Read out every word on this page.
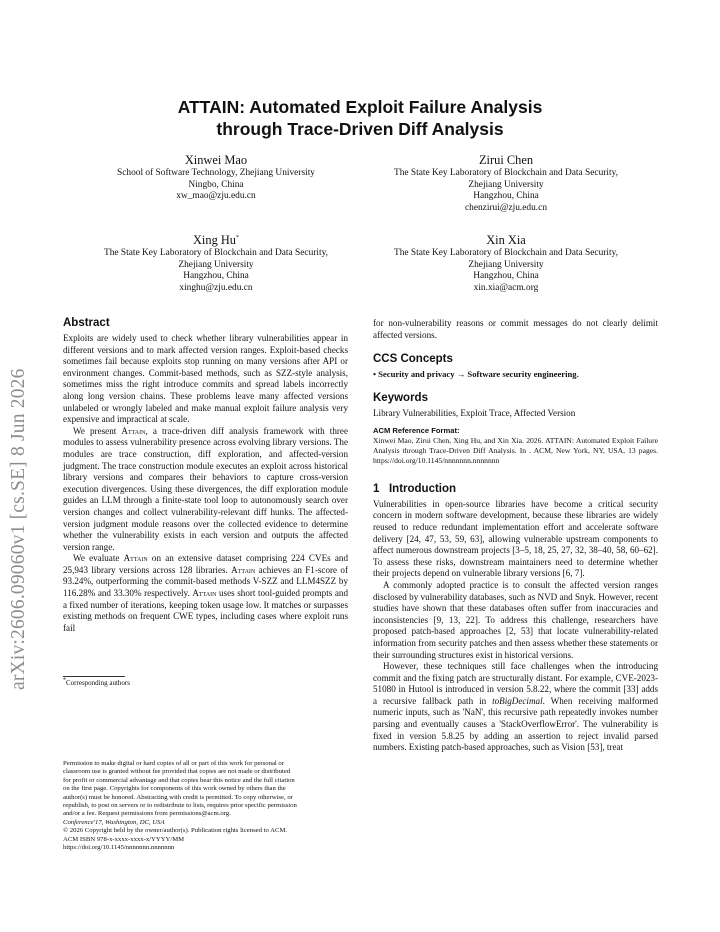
arXiv:2606.09060v1 [cs.SE] 8 Jun 2026
ATTAIN: Automated Exploit Failure Analysis
through Trace-Driven Diff Analysis
Xinwei Mao
School of Software Technology, Zhejiang University
Ningbo, China
xw_mao@zju.edu.cn
Zirui Chen
The State Key Laboratory of Blockchain and Data Security,
Zhejiang University
Hangzhou, China
chenzirui@zju.edu.cn
Xing Hu*
The State Key Laboratory of Blockchain and Data Security,
Zhejiang University
Hangzhou, China
xinghu@zju.edu.cn
Xin Xia
The State Key Laboratory of Blockchain and Data Security,
Zhejiang University
Hangzhou, China
xin.xia@acm.org
Abstract

Exploits are widely used to check whether library vulnerabilities appear in different versions and to mark affected version ranges. Exploit-based checks sometimes fail because exploits stop running on many versions after API or environment changes. Commit-based methods, such as SZZ-style analysis, sometimes miss the right introduce commits and spread labels incorrectly along long version chains. These problems leave many affected versions unlabeled or wrongly labeled and make manual exploit failure analysis very expensive and impractical at scale.

We present Attain, a trace-driven diff analysis framework with three modules to assess vulnerability presence across evolving library versions. The modules are trace construction, diff exploration, and affected-version judgment. The trace construction module executes an exploit across historical library versions and compares their behaviors to capture cross-version execution divergences. Using these divergences, the diff exploration module guides an LLM through a finite-state tool loop to autonomously search over version changes and collect vulnerability-relevant diff hunks. The affected-version judgment module reasons over the collected evidence to determine whether the vulnerability exists in each version and outputs the affected version range.

We evaluate Attain on an extensive dataset comprising 224 CVEs and 25,943 library versions across 128 libraries. Attain achieves an F1-score of 93.24%, outperforming the commit-based methods V-SZZ and LLM4SZZ by 116.28% and 33.30% respectively. Attain uses short tool-guided prompts and a fixed number of iterations, keeping token usage low. It matches or surpasses existing methods on frequent CWE types, including cases where exploit runs fail

*Corresponding authors
Permission to make digital or hard copies of all or part of this work for personal or
classroom use is granted without fee provided that copies are not made or distributed
for profit or commercial advantage and that copies bear this notice and the full citation
on the first page. Copyrights for components of this work owned by others than the
author(s) must be honored. Abstracting with credit is permitted. To copy otherwise, or
republish, to post on servers or to redistribute to lists, requires prior specific permission
and/or a fee. Request permissions from permissions@acm.org.
Conference'17, Washington, DC, USA
© 2026 Copyright held by the owner/author(s). Publication rights licensed to ACM.
ACM ISBN 978-x-xxxx-xxxx-x/YYYY/MM
https://doi.org/10.1145/nnnnnnn.nnnnnnn

for non-vulnerability reasons or commit messages do not clearly delimit affected versions.

CCS Concepts

• Security and privacy → Software security engineering.

Keywords

Library Vulnerabilities, Exploit Trace, Affected Version

ACM Reference Format:

Xinwei Mao, Zirui Chen, Xing Hu, and Xin Xia. 2026. ATTAIN: Automated Exploit Failure Analysis through Trace-Driven Diff Analysis. In . ACM, New York, NY, USA, 13 pages. https://doi.org/10.1145/nnnnnnn.nnnnnnn

1   Introduction

Vulnerabilities in open-source libraries have become a critical security concern in modern software development, because these libraries are widely reused to reduce redundant implementation effort and accelerate software delivery [24, 47, 53, 59, 63], allowing vulnerable upstream components to affect numerous downstream projects [3–5, 18, 25, 27, 32, 38–40, 58, 60–62]. To assess these risks, downstream maintainers need to determine whether their projects depend on vulnerable library versions [6, 7].

A commonly adopted practice is to consult the affected version ranges disclosed by vulnerability databases, such as NVD and Snyk. However, recent studies have shown that these databases often suffer from inaccuracies and inconsistencies [9, 13, 22]. To address this challenge, researchers have proposed patch-based approaches [2, 53] that locate vulnerability-related information from security patches and then assess whether these statements or their surrounding structures exist in historical versions.

However, these techniques still face challenges when the introducing commit and the fixing patch are structurally distant. For example, CVE-2023-51080 in Hutool is introduced in version 5.8.22, where the commit [33] adds a recursive fallback path in toBigDecimal. When receiving malformed numeric inputs, such as 'NaN', this recursive path repeatedly invokes number parsing and eventually causes a 'StackOverflowError'. The vulnerability is fixed in version 5.8.25 by adding an assertion to reject invalid parsed numbers. Existing patch-based approaches, such as Vision [53], treat
